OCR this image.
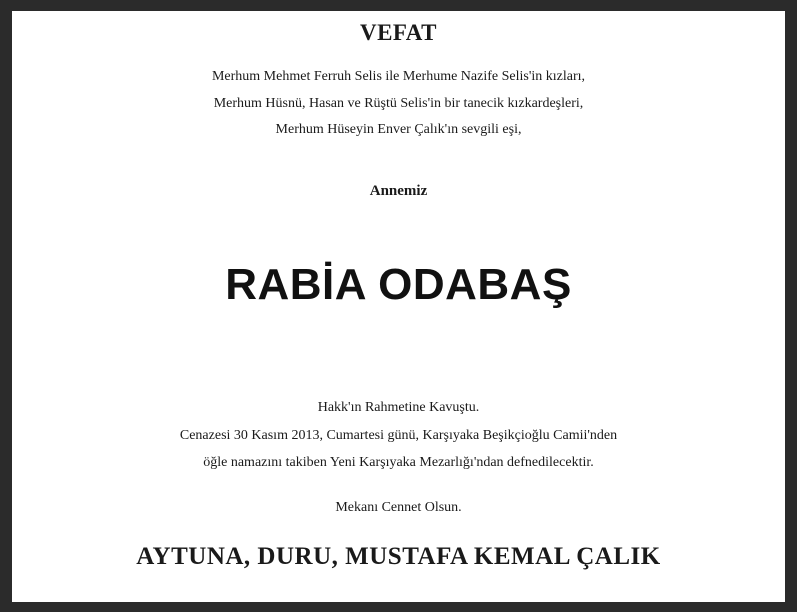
VEFAT
Merhum Mehmet Ferruh Selis ile Merhume Nazife Selis'in kızları,
Merhum Hüsnü, Hasan ve Rüştü Selis'in bir tanecik kızkardeşleri,
Merhum Hüseyin Enver Çalık'ın sevgili eşi,
Annemiz
RABİA ODABAŞ
Hakk'ın Rahmetine Kavuştu.
Cenazesi 30 Kasım 2013, Cumartesi günü, Karşıyaka Beşikçioğlu Camii'nden
öğle namazını takiben Yeni Karşıyaka Mezarlığı'ndan defnedilecektir.
Mekanı Cennet Olsun.
AYTUNA, DURU, MUSTAFA KEMAL ÇALIK
